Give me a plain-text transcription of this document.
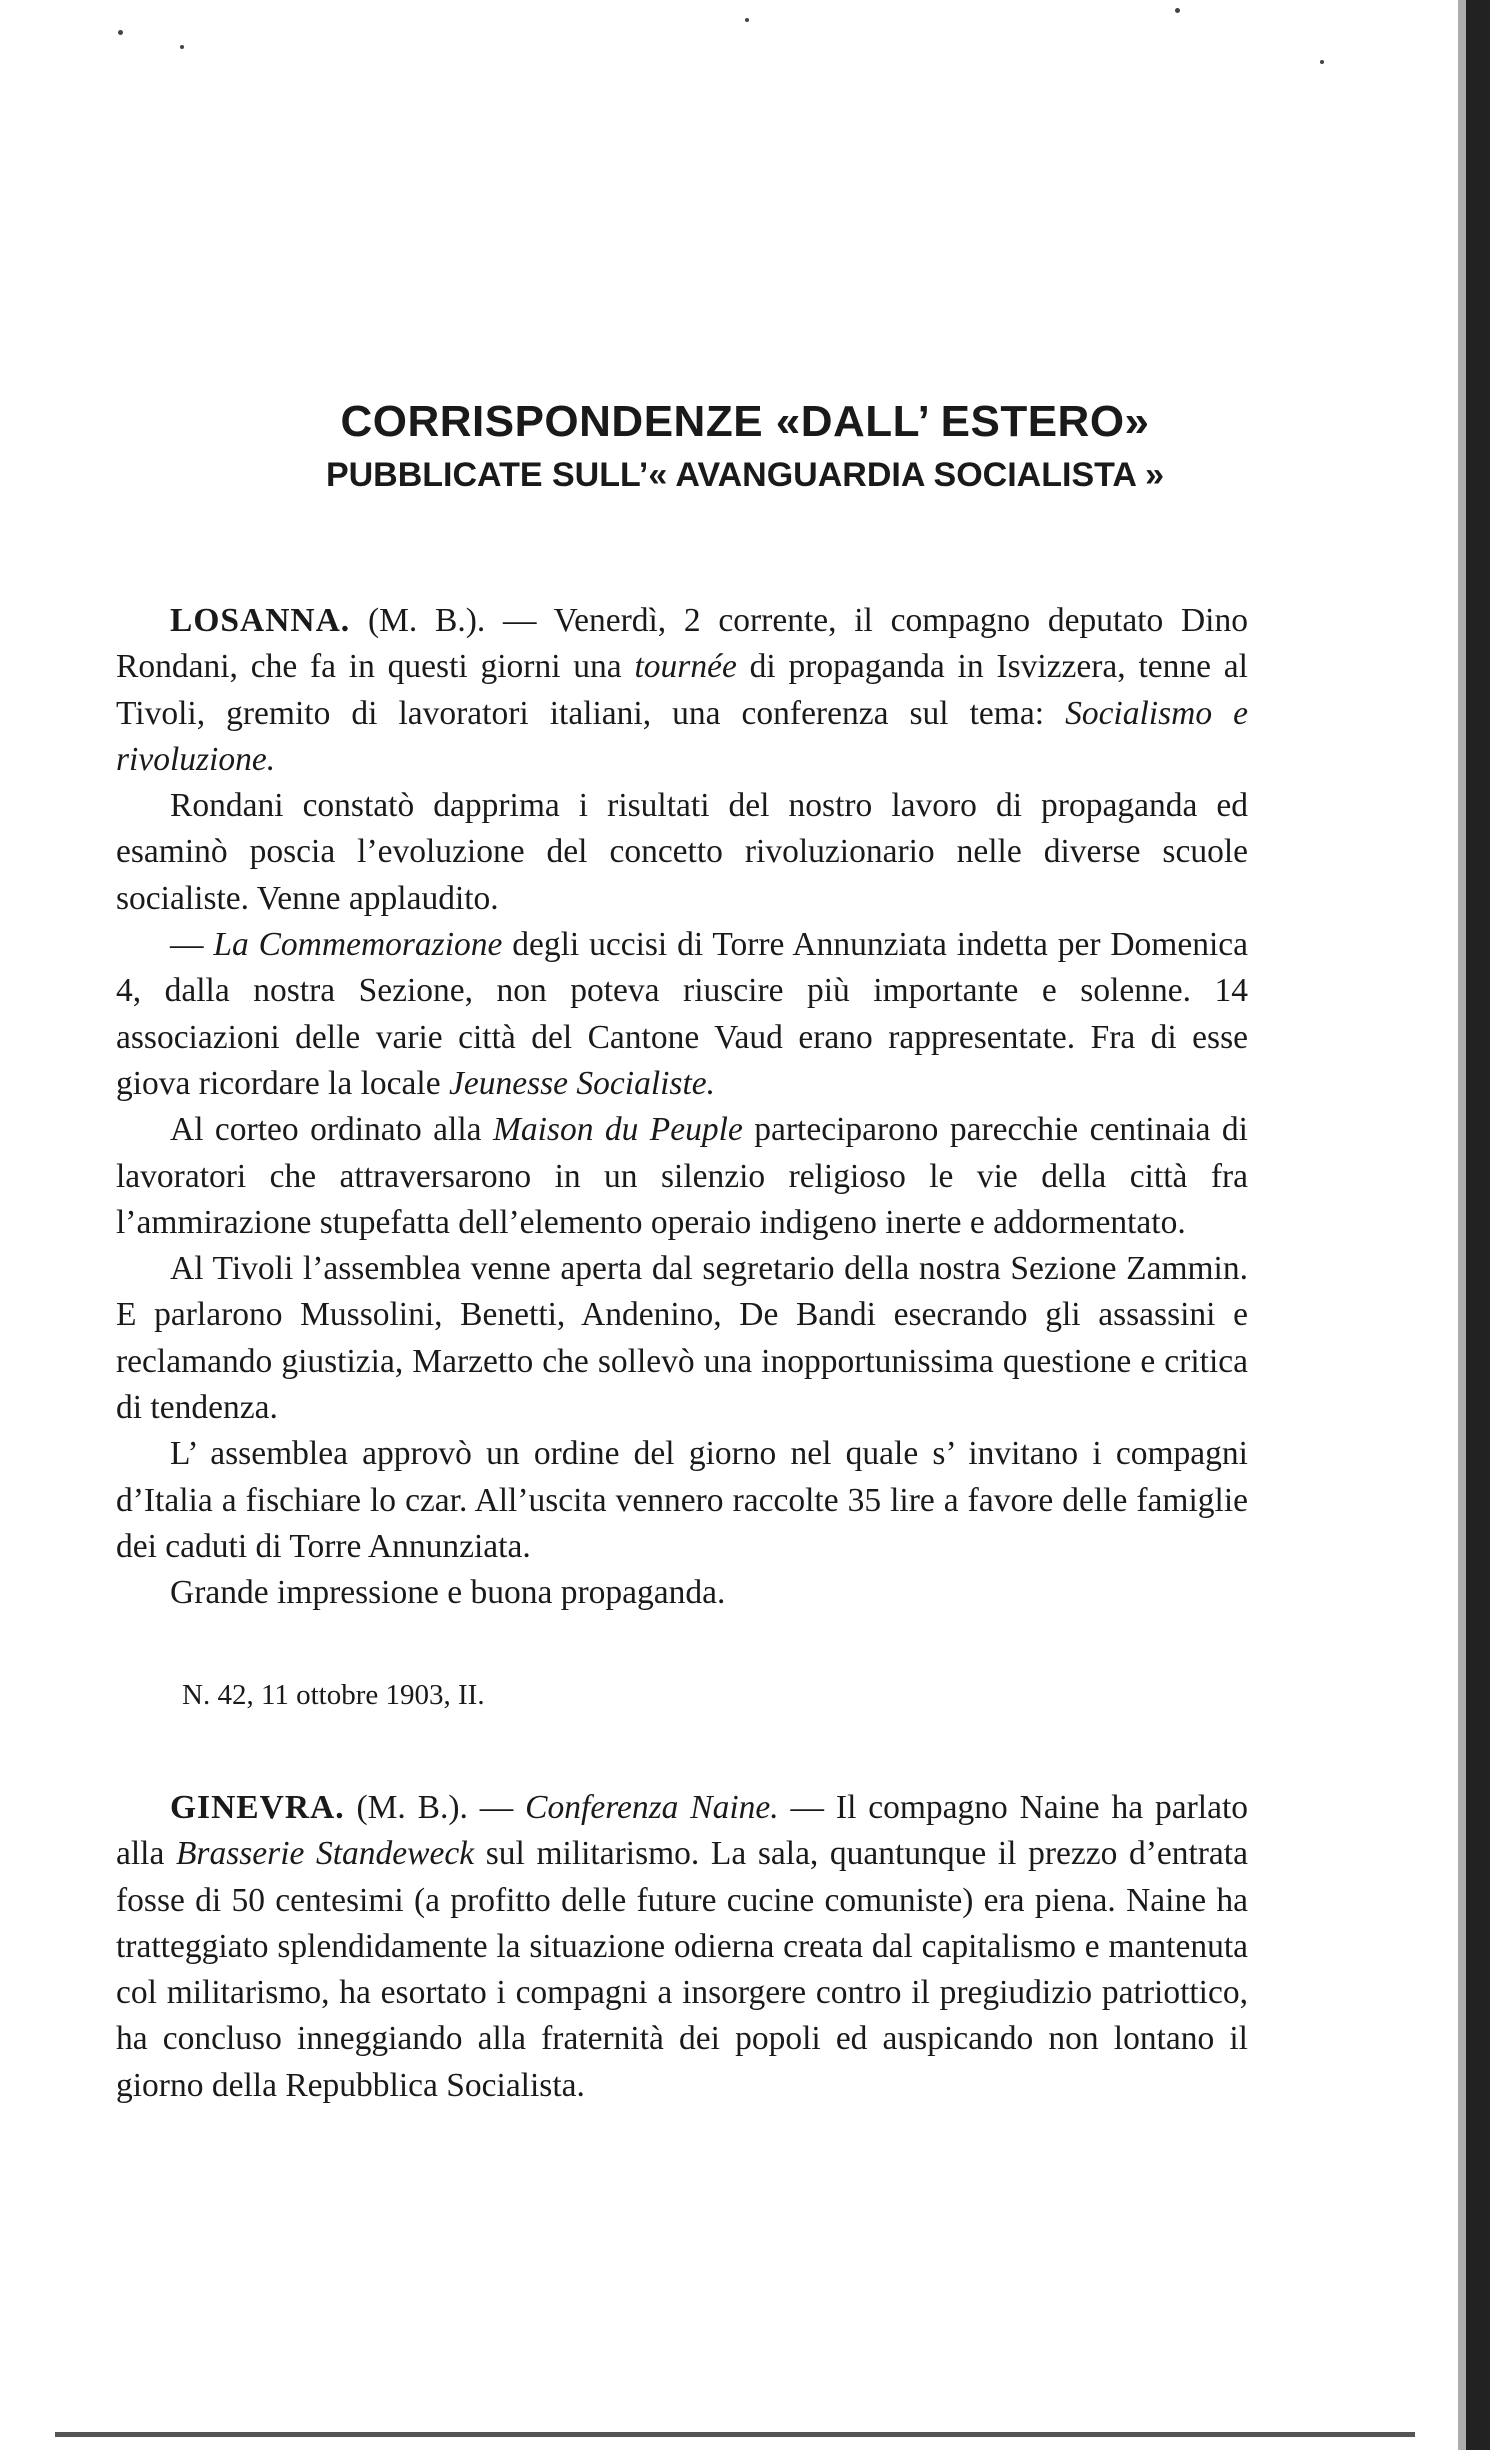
CORRISPONDENZE «DALL’ ESTERO»
PUBBLICATE SULL’« AVANGUARDIA SOCIALISTA »

LOSANNA. (M. B.). — Venerdì, 2 corrente, il compagno deputato Dino Rondani, che fa in questi giorni una tournée di propaganda in Isvizzera, tenne al Tivoli, gremito di lavoratori italiani, una conferenza sul tema: Socialismo e rivoluzione.

Rondani constatò dapprima i risultati del nostro lavoro di propaganda ed esaminò poscia l’evoluzione del concetto rivoluzionario nelle diverse scuole socialiste. Venne applaudito.

— La Commemorazione degli uccisi di Torre Annunziata indetta per Domenica 4, dalla nostra Sezione, non poteva riuscire più importante e solenne. 14 associazioni delle varie città del Cantone Vaud erano rappresentate. Fra di esse giova ricordare la locale Jeunesse Socialiste.

Al corteo ordinato alla Maison du Peuple parteciparono parecchie centinaia di lavoratori che attraversarono in un silenzio religioso le vie della città fra l’ammirazione stupefatta dell’elemento operaio indigeno inerte e addormentato.

Al Tivoli l’assemblea venne aperta dal segretario della nostra Sezione Zammin. E parlarono Mussolini, Benetti, Andenino, De Bandi esecrando gli assassini e reclamando giustizia, Marzetto che sollevò una inopportunissima questione e critica di tendenza.

L’ assemblea approvò un ordine del giorno nel quale s’ invitano i compagni d’Italia a fischiare lo czar. All’uscita vennero raccolte 35 lire a favore delle famiglie dei caduti di Torre Annunziata.

Grande impressione e buona propaganda.

N. 42, 11 ottobre 1903, II.

GINEVRA. (M. B.). — Conferenza Naine. — Il compagno Naine ha parlato alla Brasserie Standeweck sul militarismo. La sala, quantunque il prezzo d’entrata fosse di 50 centesimi (a profitto delle future cucine comuniste) era piena. Naine ha tratteggiato splendidamente la situazione odierna creata dal capitalismo e mantenuta col militarismo, ha esortato i compagni a insorgere contro il pregiudizio patriottico, ha concluso inneggiando alla fraternità dei popoli ed auspicando non lontano il giorno della Repubblica Socialista.
